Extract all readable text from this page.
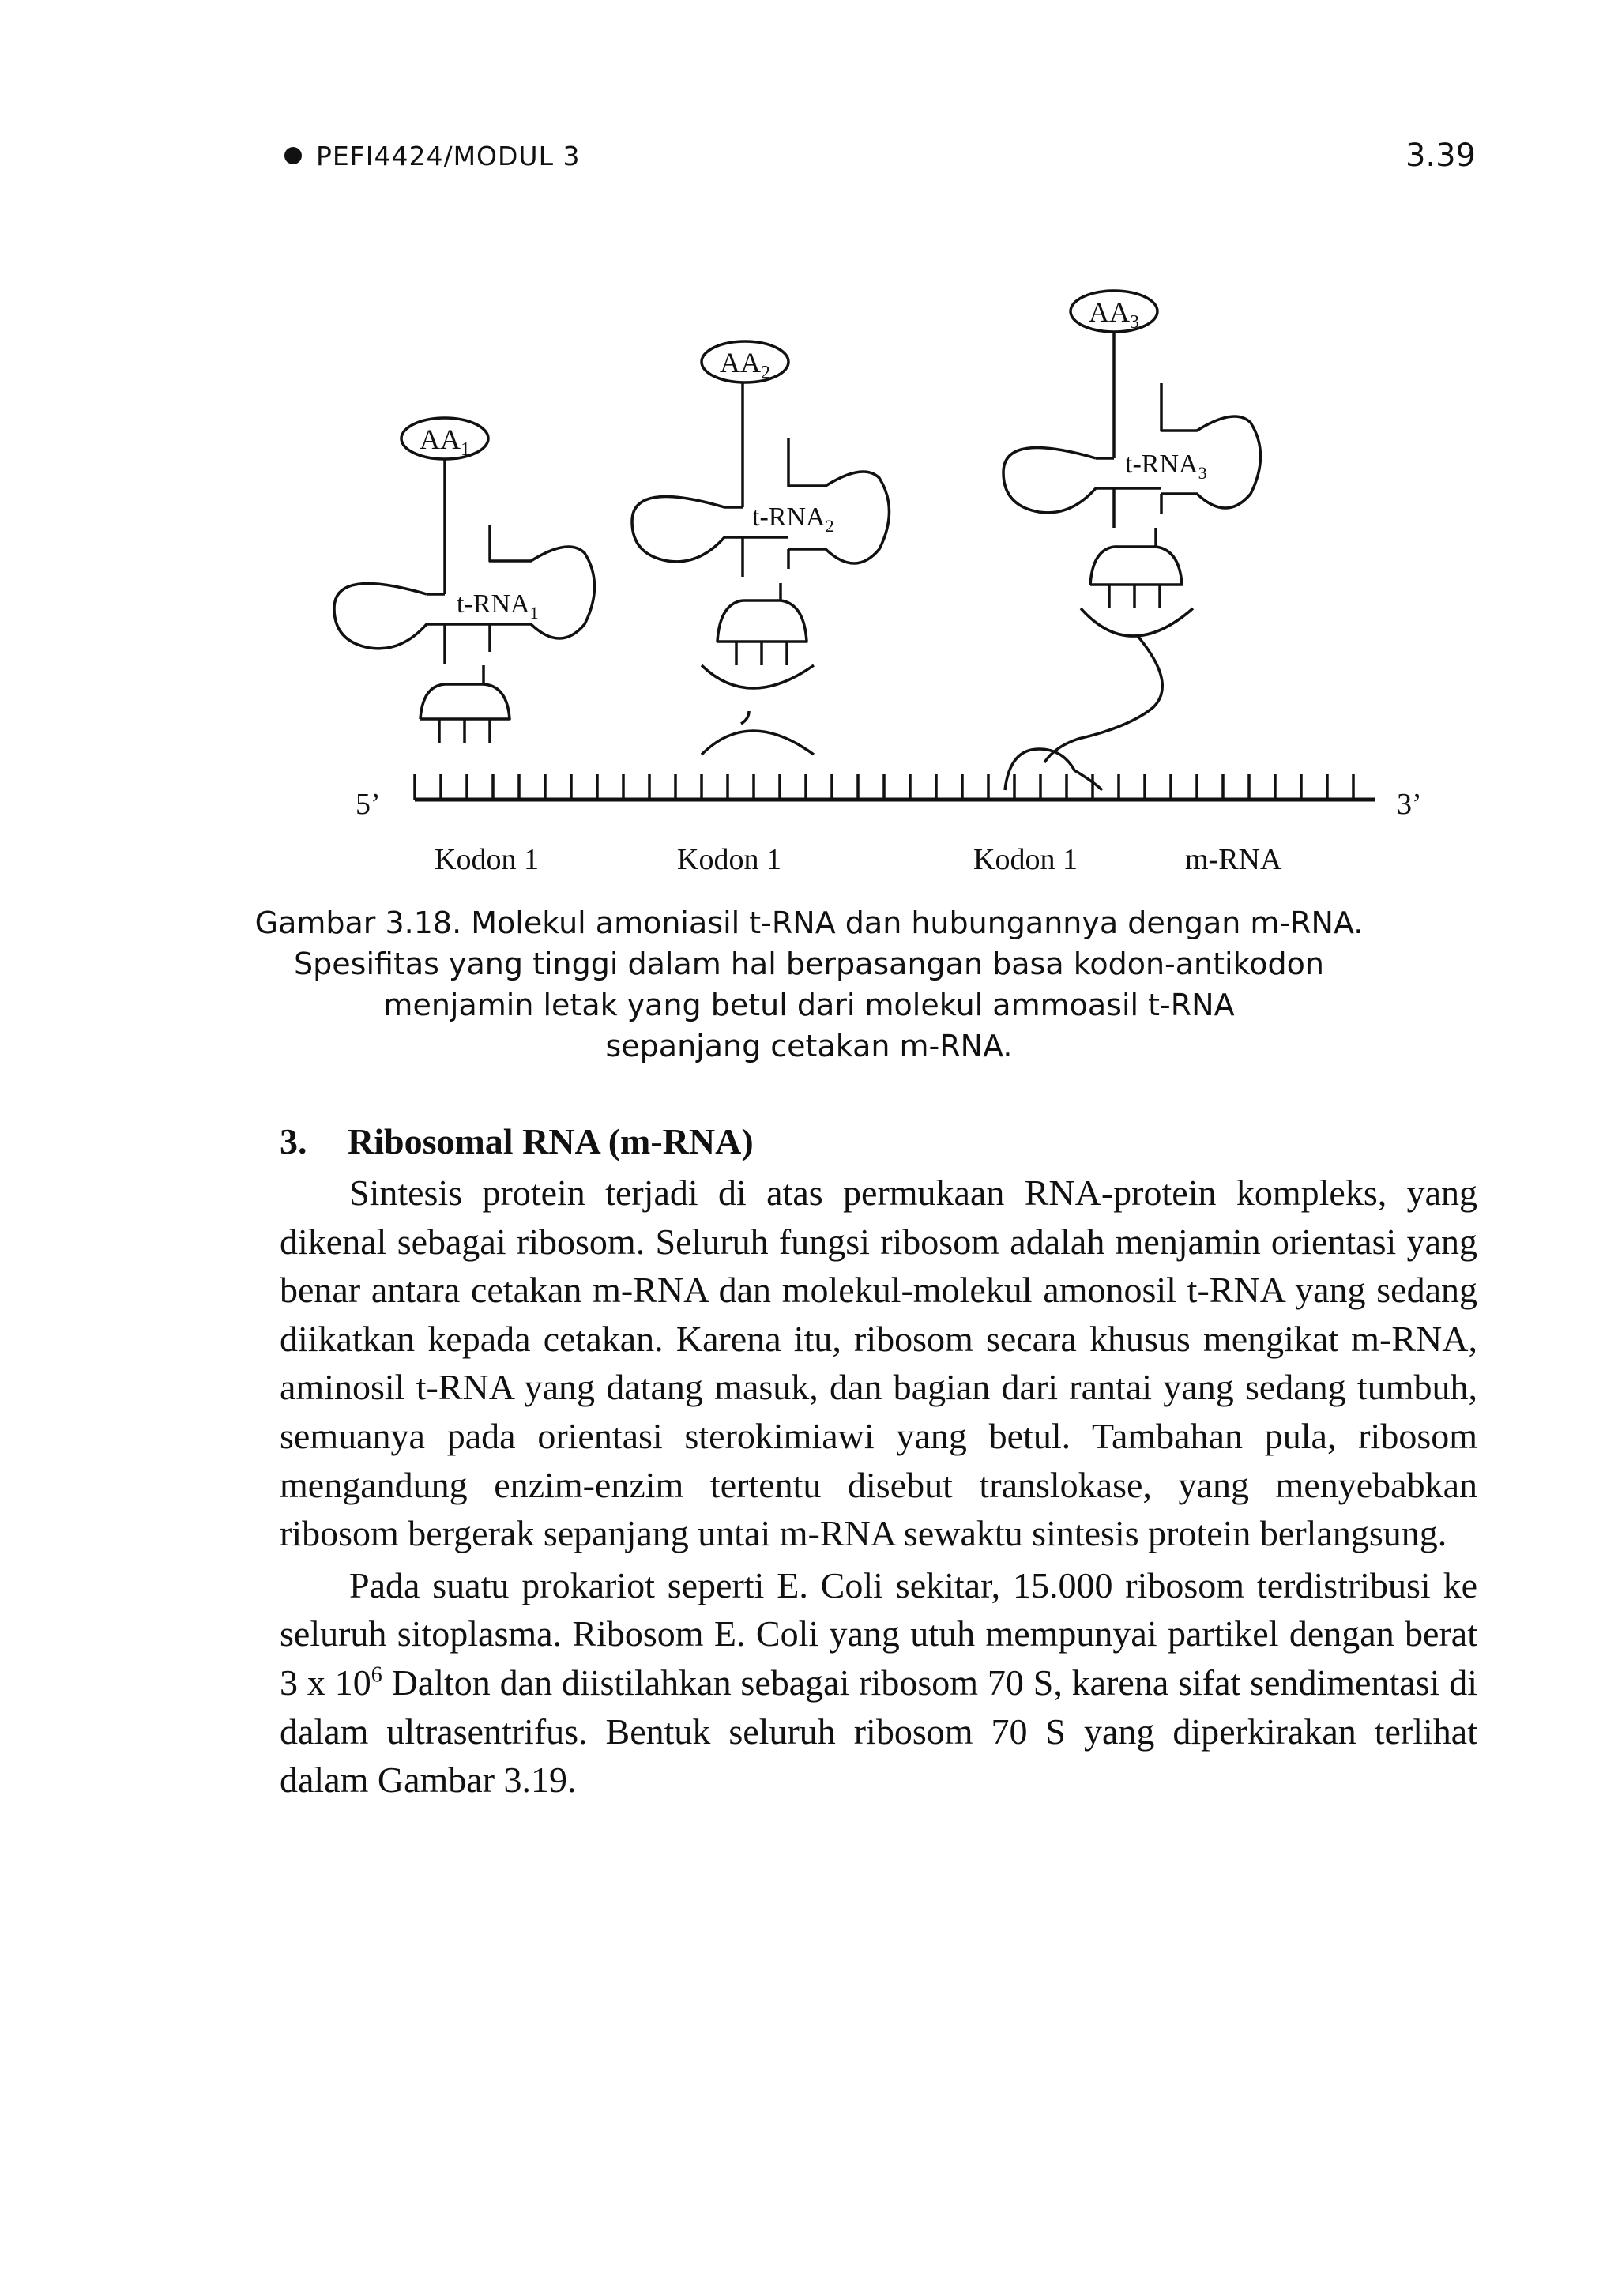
PEFI4424/MODUL 3	3.39
$AA_1$
$AA_2$
$AA_3$
$t-RNA_1$
$t-RNA_2$
$t-RNA_3$
5’	3’
Kodon 1	Kodon 1	Kodon 1	m-RNA
Gambar 3.18. Molekul amoniasil t-RNA dan hubungannya dengan m-RNA.
Spesifitas yang tinggi dalam hal berpasangan basa kodon-antikodon
menjamin letak yang betul dari molekul ammoasil t-RNA
sepanjang cetakan m-RNA.
3. Ribosomal RNA (m-RNA)

Sintesis protein terjadi di atas permukaan RNA-protein kompleks, yang dikenal sebagai ribosom. Seluruh fungsi ribosom adalah menjamin orientasi yang benar antara cetakan m-RNA dan molekul-molekul amonosil t-RNA yang sedang diikatkan kepada cetakan. Karena itu, ribosom secara khusus mengikat m-RNA, aminosil t-RNA yang datang masuk, dan bagian dari rantai yang sedang tumbuh, semuanya pada orientasi sterokimiawi yang betul. Tambahan pula, ribosom mengandung enzim-enzim tertentu disebut translokase, yang menyebabkan ribosom bergerak sepanjang untai m-RNA sewaktu sintesis protein berlangsung.

Pada suatu prokariot seperti E. Coli sekitar, 15.000 ribosom terdistribusi ke seluruh sitoplasma. Ribosom E. Coli yang utuh mempunyai partikel dengan berat 3 x $10^6$ Dalton dan diistilahkan sebagai ribosom 70 S, karena sifat sendimentasi di dalam ultrasentrifus. Bentuk seluruh ribosom 70 S yang diperkirakan terlihat dalam Gambar 3.19.
